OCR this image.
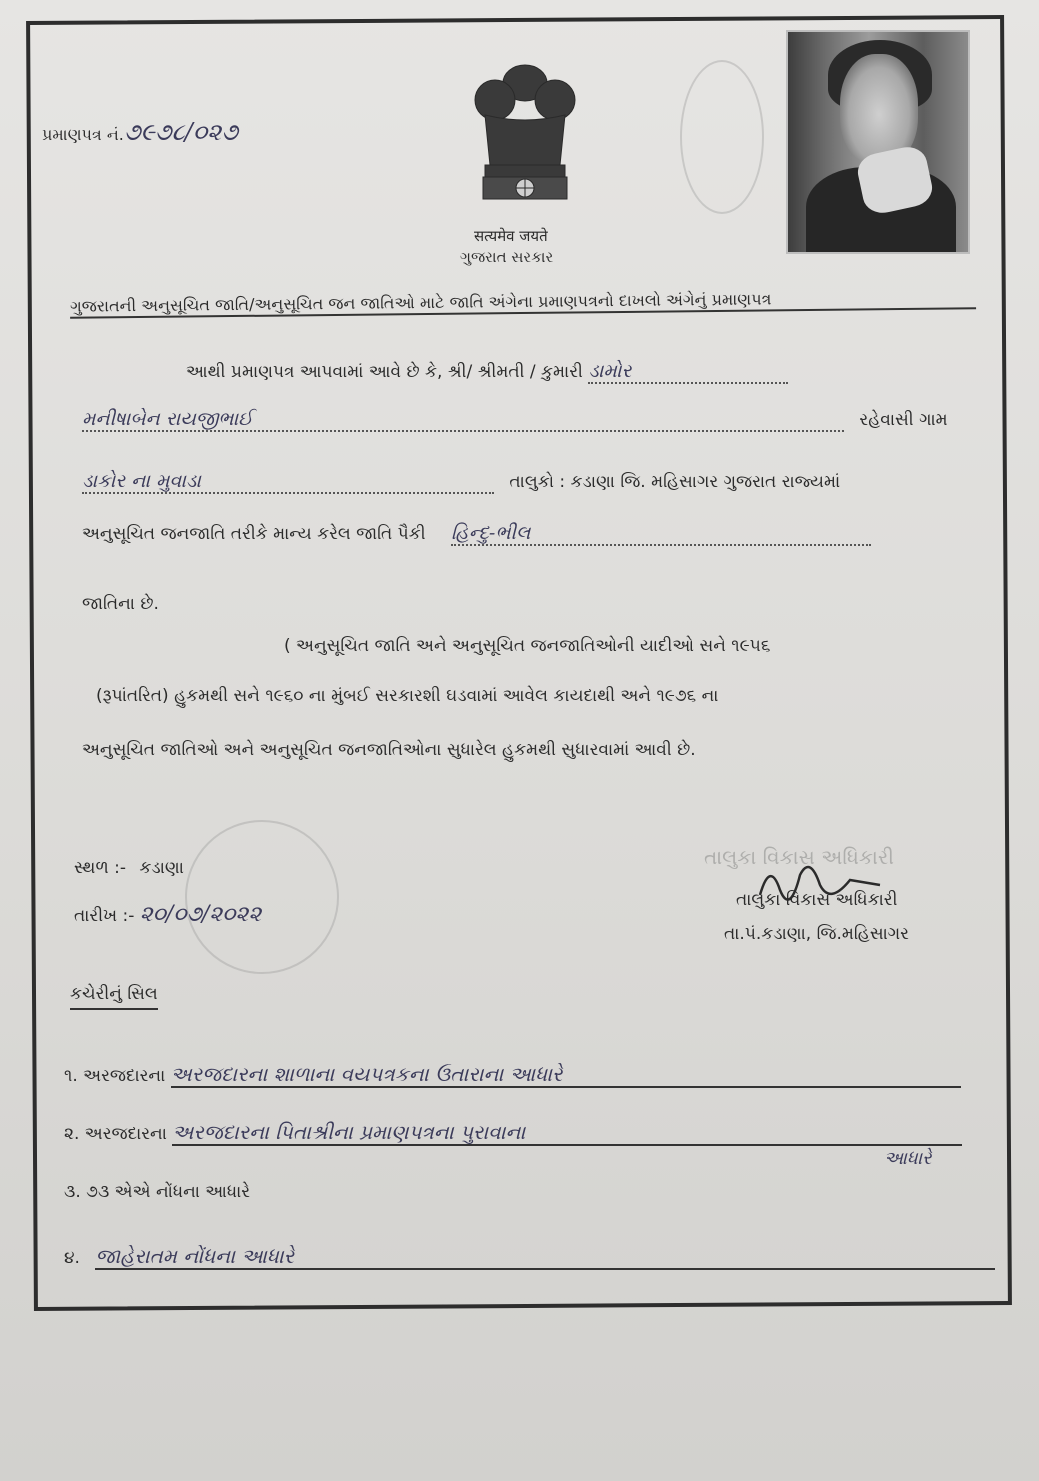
પ્રમાણપત્ર નં.૭૯૭૮/૦૨૭
सत्यमेव जयते
ગુજરાત સરકાર
ગુજરાતની અનુસૂચિત જાતિ/અનુસૂચિત જન જાતિઓ માટે જાતિ અંગેના પ્રમાણપત્રનો દાખલો અંગેનું પ્રમાણપત્ર
આથી પ્રમાણપત્ર આપવામાં આવે છે કે, શ્રી/ શ્રીમતી / કુમારી ડામોર
મનીષાબેન રાયજીભાઈ	રહેવાસી ગામ
ડાકોર ના મુવાડા	તાલુકો : કડાણા જિ. મહિસાગર ગુજરાત રાજ્યમાં
અનુસૂચિત જનજાતિ તરીકે માન્ય કરેલ જાતિ પૈકી હિન્દુ-ભીલ
જાતિના છે.
( અનુસૂચિત જાતિ અને અનુસૂચિત જનજાતિઓની યાદીઓ સને ૧૯૫૬
(રૂપાંતરિત) હુકમથી સને ૧૯૬૦ ના મુંબઈ સરકારશી ઘડવામાં આવેલ કાયદાથી અને ૧૯૭૬ ના
અનુસૂચિત જાતિઓ અને અનુસૂચિત જનજાતિઓના સુધારેલ હુકમથી સુધારવામાં આવી છે.
સ્થળ :- કડાણા
તારીખ :- ૨૦/૦૭/૨૦૨૨
તાલુકા વિકાસ અધિકારી
તાલુકા વિકાસ અધિકારી
તા.પં.કડાણા, જિ.મહિસાગર
કચેરીનું સિલ
૧. અરજદારના અરજદારના શાળાના વયપત્રકના ઉતારાના આધારે
૨. અરજદારના અરજદારના પિતાશ્રીના પ્રમાણપત્રના પુરાવાના
આધારે
૩. ૭૩ એએ નોંધના આધારે
૪. જાહેરાતમ નોંધના આધારે
